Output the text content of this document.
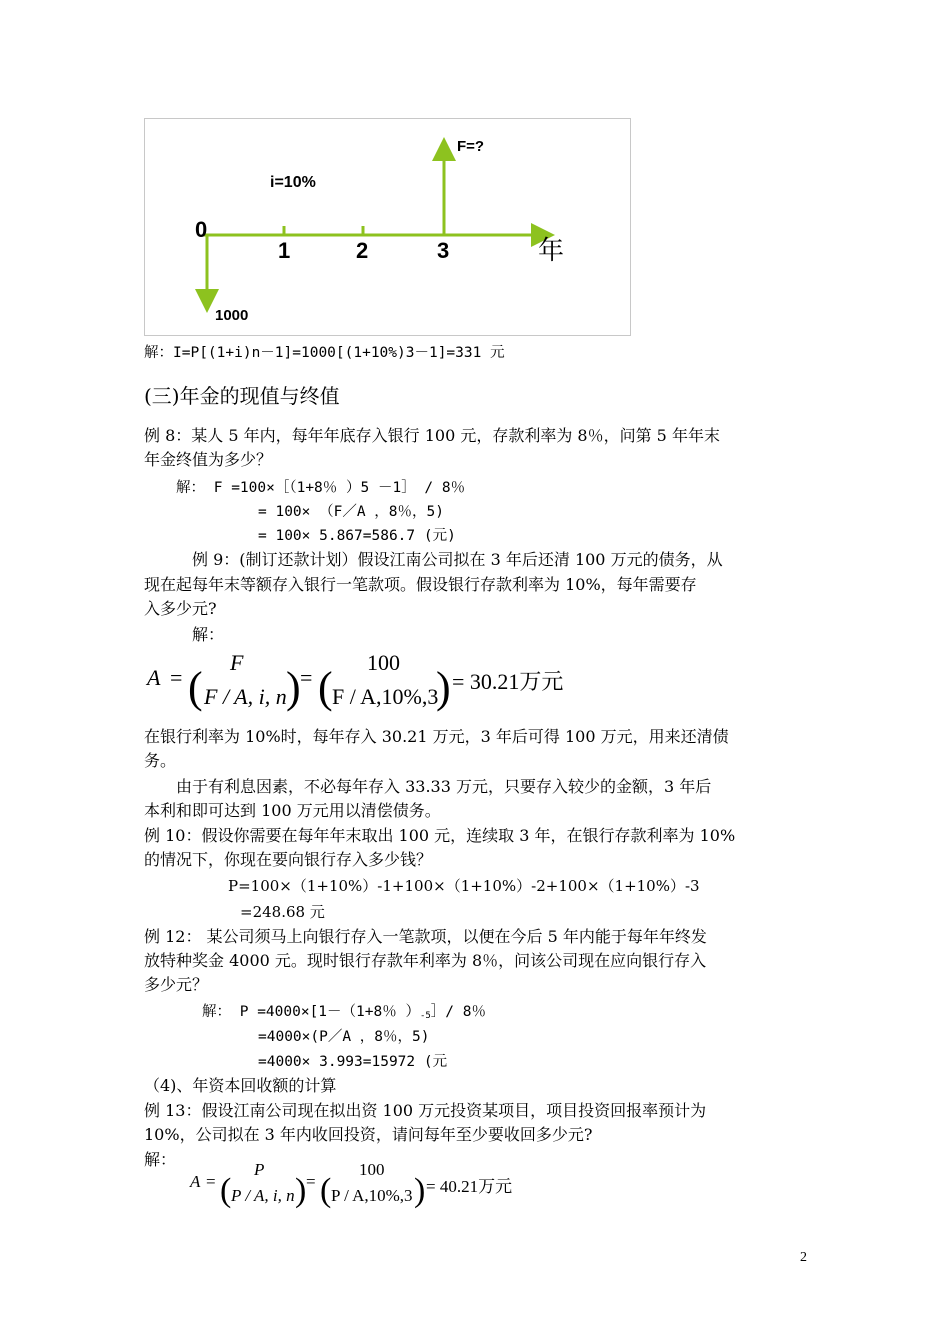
i=10%
F=?
0
1	2	3	年
1000
解：I=P[(1+i)n－1]=1000[(1+10%)3－1]=331 元
(三)年金的现值与终值
例 8：某人 5 年内，每年年底存入银行 100 元，存款利率为 8％，问第 5 年年末
年金终值为多少？
解： F =100×［（1+8％ ）5 －1］ / 8％
= 100× （F／A ，8％，5)
= 100× 5.867=586.7 (元)
例 9：(制订还款计划）假设江南公司拟在 3 年后还清 100 万元的债务，从
现在起每年末等额存入银行一笔款项。假设银行存款利率为 10%，每年需要存
入多少元?
解：
A =
F
( F / A, i, n ) =
100
( F / A,10%,3
) = 30.21万元
在银行利率为 10%时，每年存入 30.21 万元，3 年后可得 100 万元，用来还清债
务。
由于有利息因素，不必每年存入 33.33 万元，只要存入较少的金额，3 年后
本利和即可达到 100 万元用以清偿债务。
例 10：假设你需要在每年年末取出 100 元，连续取 3 年，在银行存款利率为 10%
的情况下，你现在要向银行存入多少钱？
P=100×（1+10%）-1+100×（1+10%）-2+100×（1+10%）-3
=248.68 元
例 12： 某公司须马上向银行存入一笔款项，以便在今后 5 年内能于每年年终发
放特种奖金 4000 元。现时银行存款年利率为 8％，问该公司现在应向银行存入
多少元？
解： P =4000×[1－（1+8％ ）-5］/ 8％
=4000×(P／A ，8％，5)
=4000× 3.993=15972 (元
（4)、年资本回收额的计算
例 13：假设江南公司现在拟出资 100 万元投资某项目，项目投资回报率预计为
10%，公司拟在 3 年内收回投资，请问每年至少要收回多少元?
解：
A =
P
( P / A, i, n ) =
100
( P / A,10%,3 ) = 40.21万元
2
